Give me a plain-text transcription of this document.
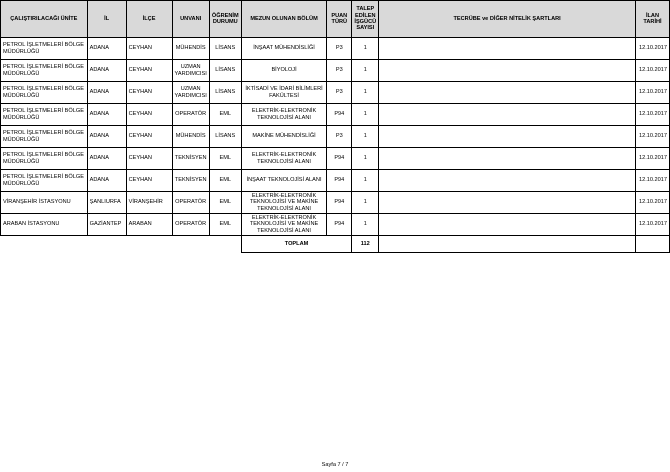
ÇALIŞTIRILACAĞI ÜNİTE	İL	İLÇE	UNVANI	ÖĞRENİM DURUMU	MEZUN OLUNAN BÖLÜM	PUAN TÜRÜ	TALEP EDİLEN İŞGÜCÜ SAYISI	TECRÜBE ve DİĞER NİTELİK ŞARTLARI	İLAN TARİHİ
PETROL İŞLETMELERİ BÖLGE MÜDÜRLÜĞÜ	ADANA	CEYHAN	MÜHENDİS	LİSANS	İNŞAAT MÜHENDİSLİĞİ	P3	1		12.10.2017
PETROL İŞLETMELERİ BÖLGE MÜDÜRLÜĞÜ	ADANA	CEYHAN	UZMAN YARDIMCISI	LİSANS	BİYOLOJİ	P3	1		12.10.2017
PETROL İŞLETMELERİ BÖLGE MÜDÜRLÜĞÜ	ADANA	CEYHAN	UZMAN YARDIMCISI	LİSANS	İKTİSADİ VE İDARİ BİLİMLERİ FAKÜLTESİ	P3	1		12.10.2017
PETROL İŞLETMELERİ BÖLGE MÜDÜRLÜĞÜ	ADANA	CEYHAN	OPERATÖR	EML	ELEKTRİK-ELEKTRONİK TEKNOLOJİSİ ALANI	P94	1		12.10.2017
PETROL İŞLETMELERİ BÖLGE MÜDÜRLÜĞÜ	ADANA	CEYHAN	MÜHENDİS	LİSANS	MAKİNE MÜHENDİSLİĞİ	P3	1		12.10.2017
PETROL İŞLETMELERİ BÖLGE MÜDÜRLÜĞÜ	ADANA	CEYHAN	TEKNİSYEN	EML	ELEKTRİK-ELEKTRONİK TEKNOLOJİSİ ALANI	P94	1		12.10.2017
PETROL İŞLETMELERİ BÖLGE MÜDÜRLÜĞÜ	ADANA	CEYHAN	TEKNİSYEN	EML	İNŞAAT TEKNOLOJİSİ ALANI	P94	1		12.10.2017
VİRANŞEHİR İSTASYONU	ŞANLIURFA	VİRANŞEHİR	OPERATÖR	EML	ELEKTRİK-ELEKTRONİK TEKNOLOJİSİ VE MAKİNE TEKNOLOJİSİ ALANI	P94	1		12.10.2017
ARABAN İSTASYONU	GAZİANTEP	ARABAN	OPERATÖR	EML	ELEKTRİK-ELEKTRONİK TEKNOLOJİSİ VE MAKİNE TEKNOLOJİSİ ALANI	P94	1		12.10.2017
					TOPLAM		112		
Sayfa 7 / 7
